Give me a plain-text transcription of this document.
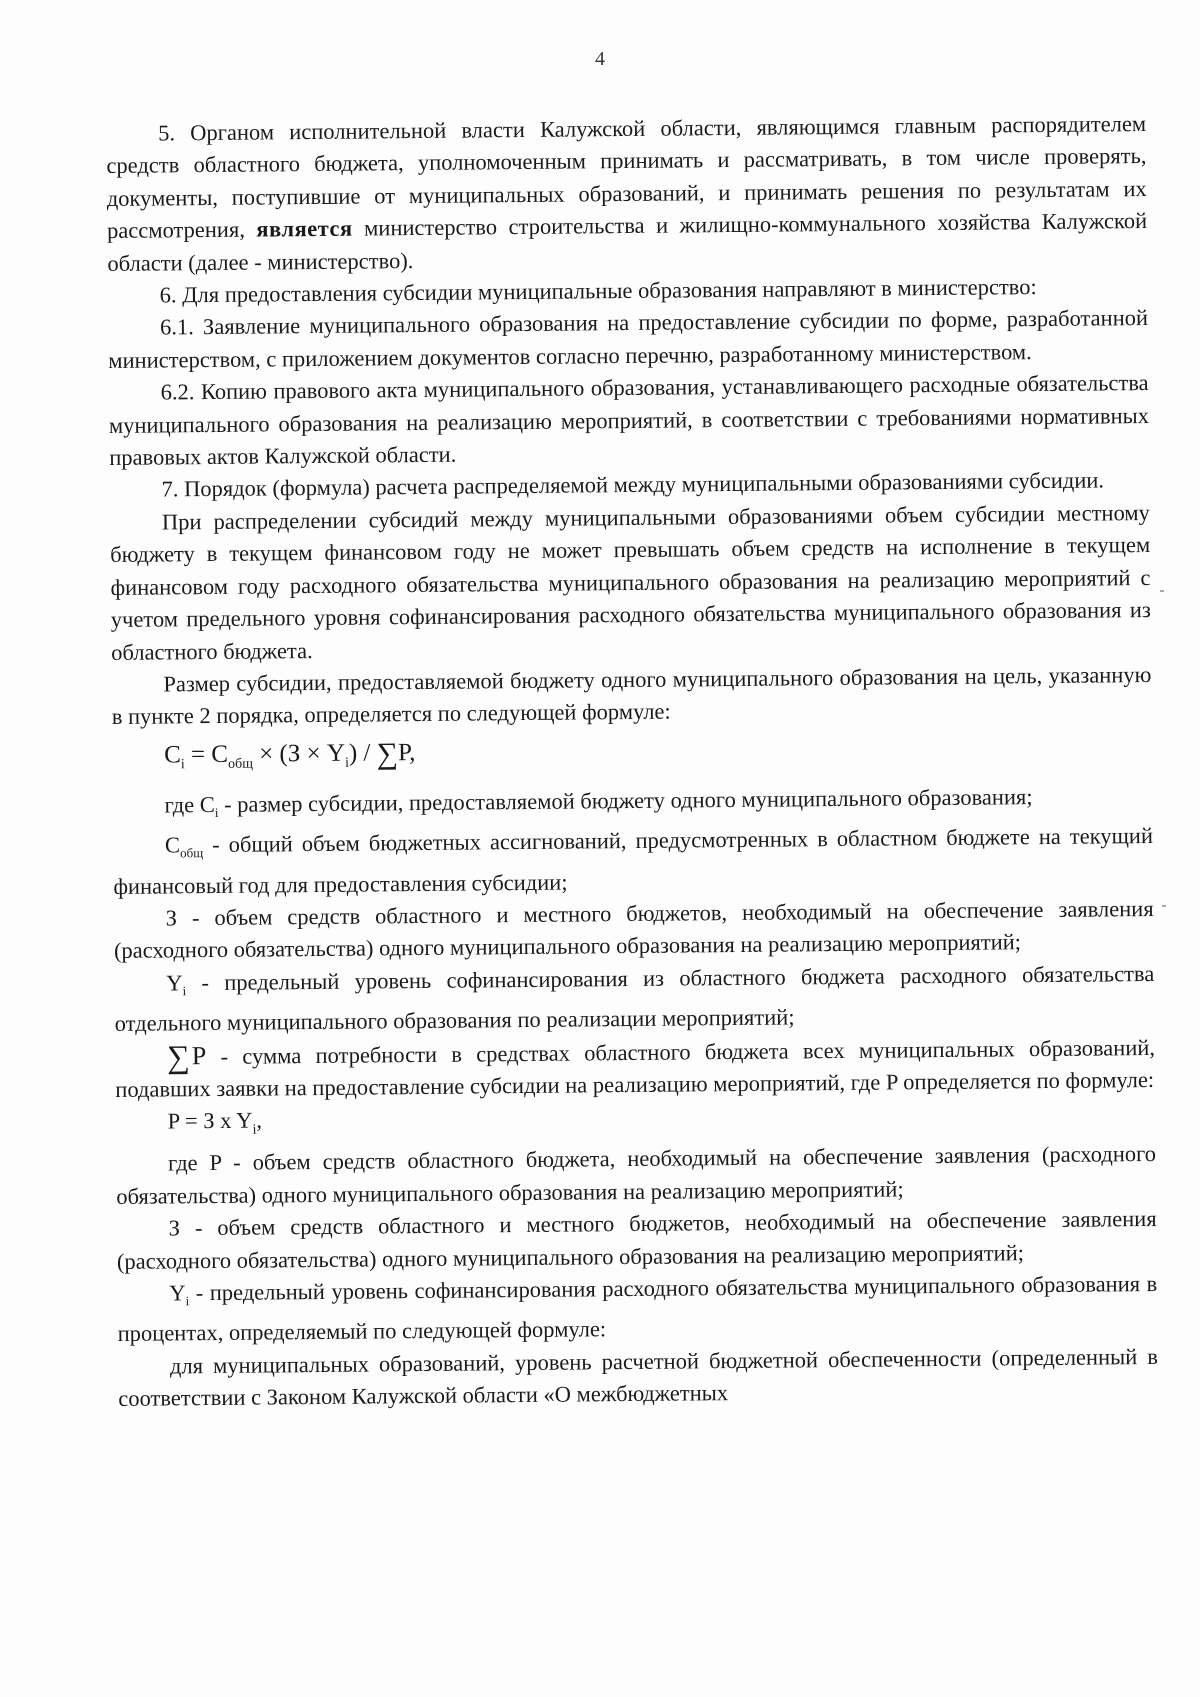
4

5. Органом исполнительной власти Калужской области, являющимся главным распорядителем средств областного бюджета, уполномоченным принимать и рассматривать, в том числе проверять, документы, поступившие от муниципальных образований, и принимать решения по результатам их рассмотрения, является министерство строительства и жилищно-коммунального хозяйства Калужской области (далее - министерство).

6. Для предоставления субсидии муниципальные образования направляют в министерство:

6.1. Заявление муниципального образования на предоставление субсидии по форме, разработанной министерством, с приложением документов согласно перечню, разработанному министерством.

6.2. Копию правового акта муниципального образования, устанавливающего расходные обязательства муниципального образования на реализацию мероприятий, в соответствии с требованиями нормативных правовых актов Калужской области.

7. Порядок (формула) расчета распределяемой между муниципальными образованиями субсидии.

При распределении субсидий между муниципальными образованиями объем субсидии местному бюджету в текущем финансовом году не может превышать объем средств на исполнение в текущем финансовом году расходного обязательства муниципального образования на реализацию мероприятий с учетом предельного уровня софинансирования расходного обязательства муниципального образования из областного бюджета.

Размер субсидии, предоставляемой бюджету одного муниципального образования на цель, указанную в пункте 2 порядка, определяется по следующей формуле:

$C_i = C_{общ} \times (З \times Y_i) / \sum P$,

где $C_i$ - размер субсидии, предоставляемой бюджету одного муниципального образования;

$C_{общ}$ - общий объем бюджетных ассигнований, предусмотренных в областном бюджете на текущий финансовый год для предоставления субсидии;

З - объем средств областного и местного бюджетов, необходимый на обеспечение заявления (расходного обязательства) одного муниципального образования на реализацию мероприятий;

$Y_i$ - предельный уровень софинансирования из областного бюджета расходного обязательства отдельного муниципального образования по реализации мероприятий;

∑P - сумма потребности в средствах областного бюджета всех муниципальных образований, подавших заявки на предоставление субсидии на реализацию мероприятий, где P определяется по формуле:

P = З x $Y_i$,

где P - объем средств областного бюджета, необходимый на обеспечение заявления (расходного обязательства) одного муниципального образования на реализацию мероприятий;

З - объем средств областного и местного бюджетов, необходимый на обеспечение заявления (расходного обязательства) одного муниципального образования на реализацию мероприятий;

$Y_i$ - предельный уровень софинансирования расходного обязательства муниципального образования в процентах, определяемый по следующей формуле:

для муниципальных образований, уровень расчетной бюджетной обеспеченности (определенный в соответствии с Законом Калужской области «О межбюджетных
